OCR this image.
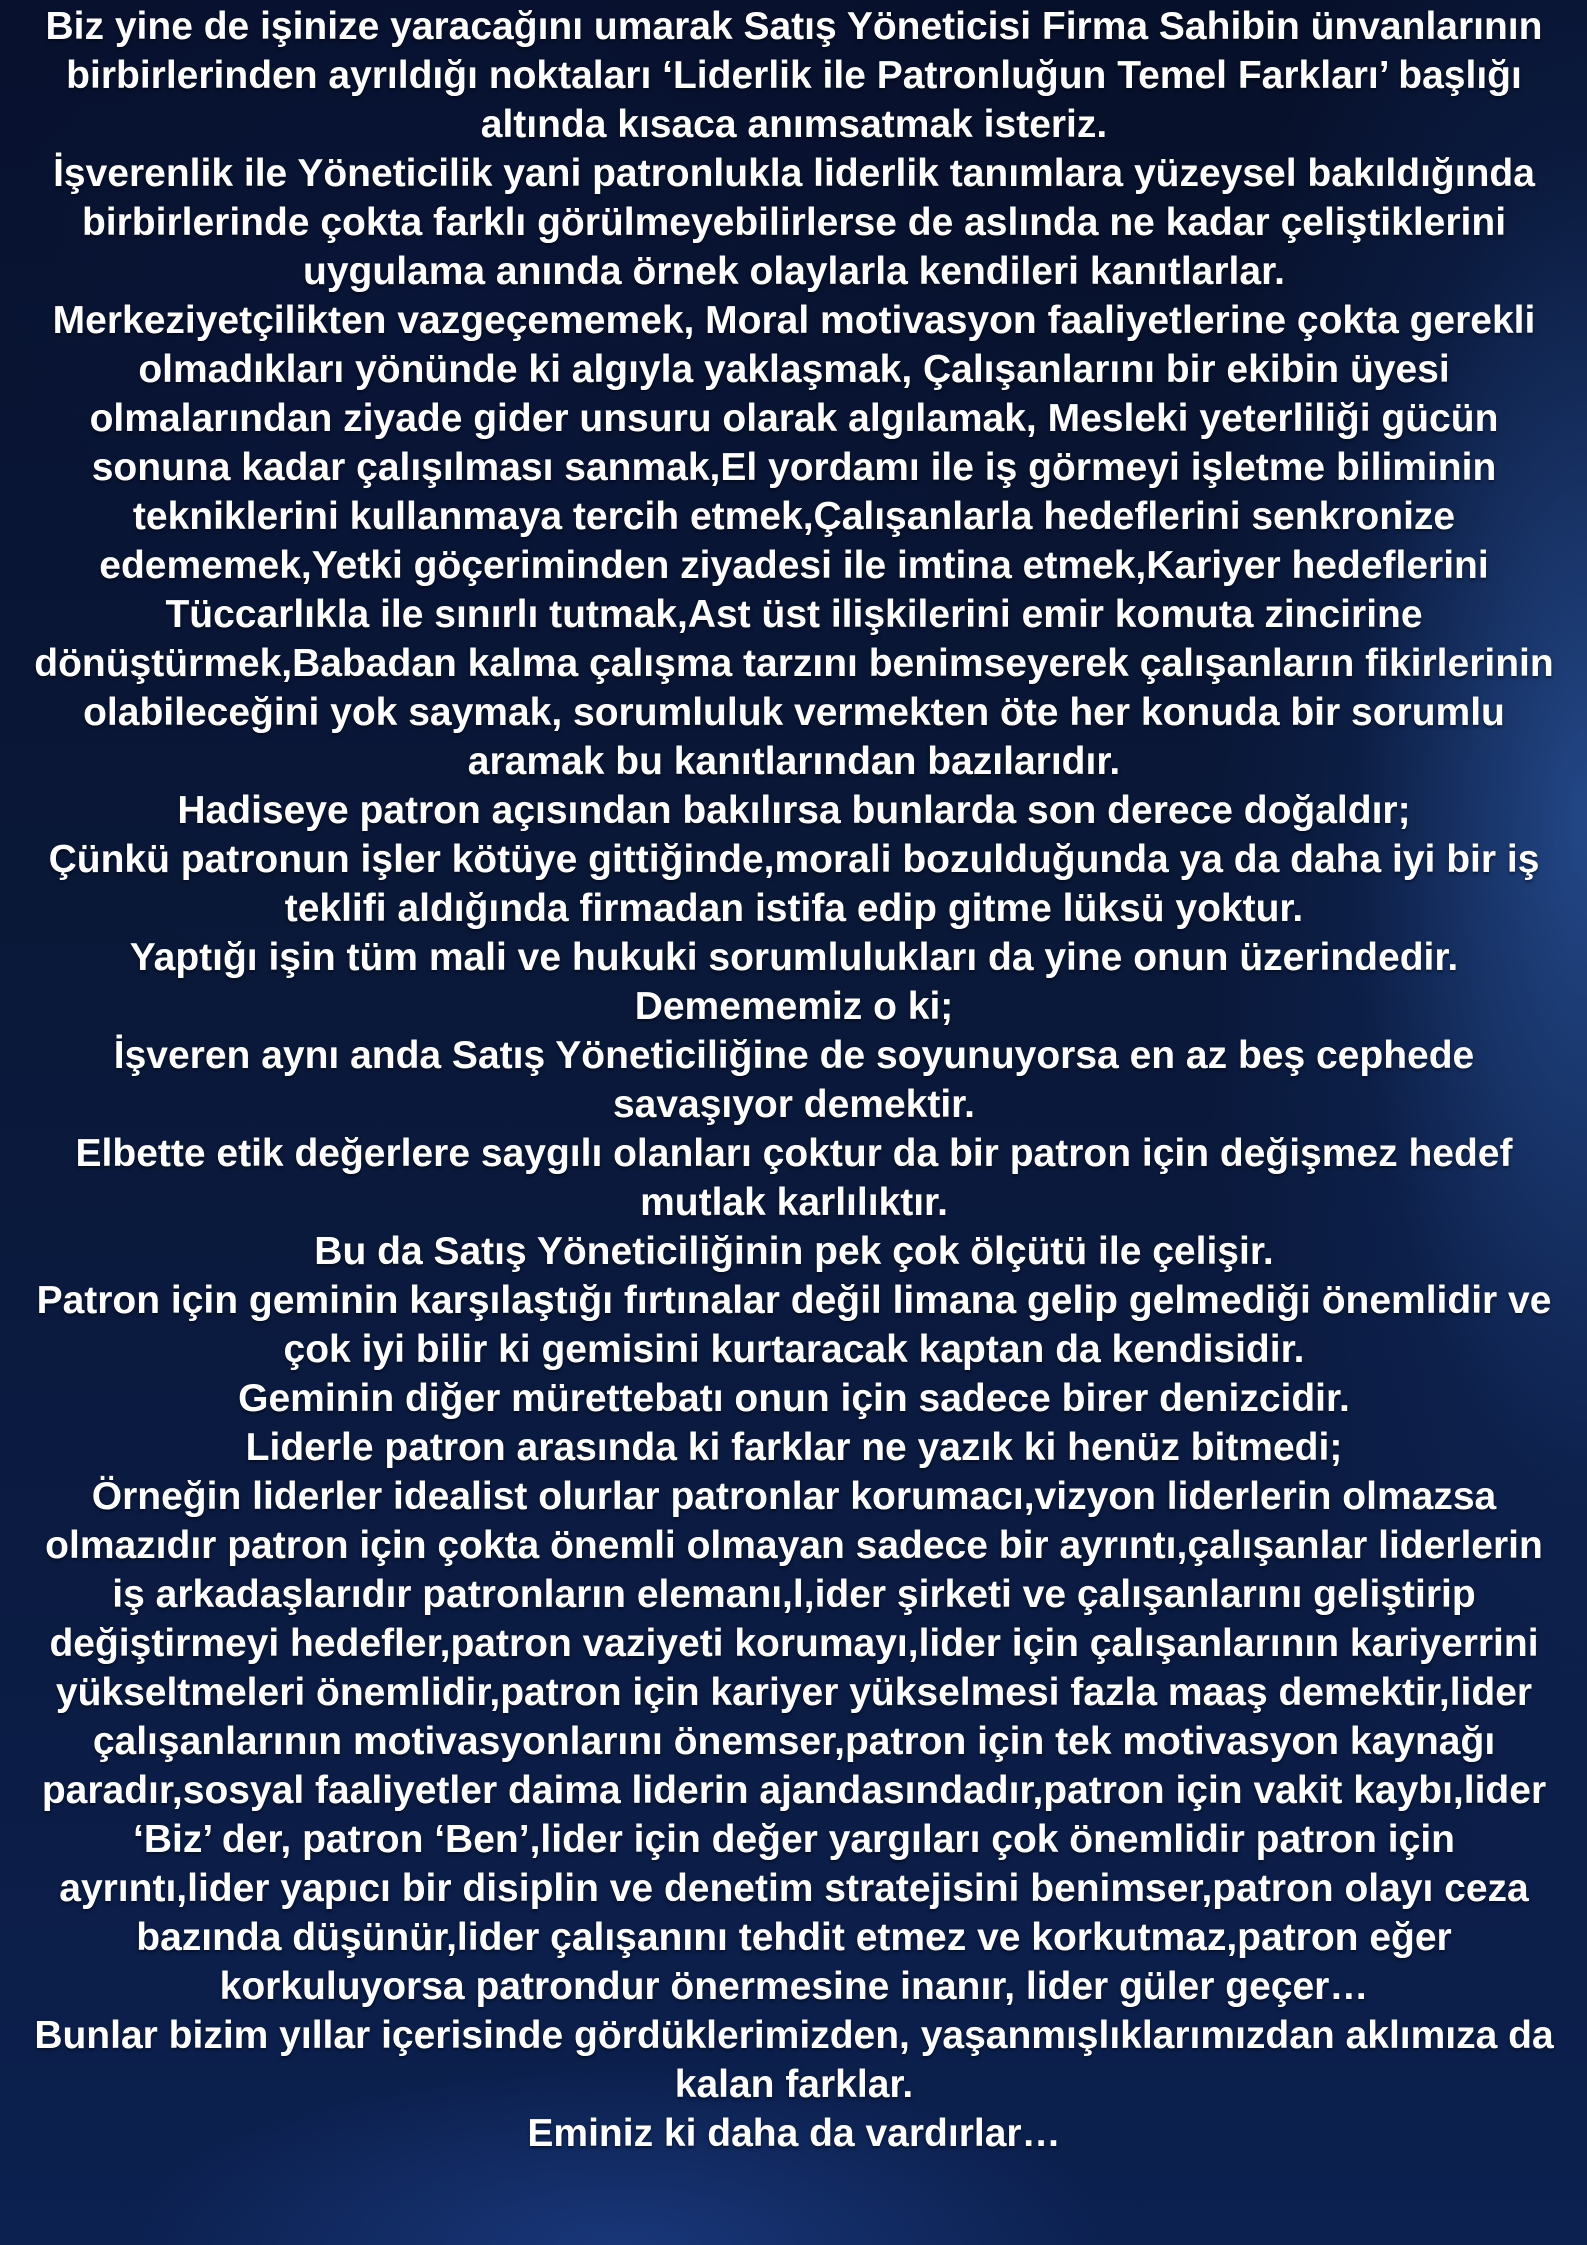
Biz yine de işinize yaracağını umarak Satış Yöneticisi Firma Sahibin ünvanlarının birbirlerinden ayrıldığı noktaları ‘Liderlik ile Patronluğun Temel Farkları’ başlığı altında kısaca anımsatmak isteriz.
İşverenlik ile Yöneticilik yani patronlukla liderlik tanımlara yüzeysel bakıldığında birbirlerinde çokta farklı görülmeyebilirlerse de aslında ne kadar çeliştiklerini uygulama anında örnek olaylarla kendileri kanıtlarlar.
Merkeziyetçilikten vazgeçememek, Moral motivasyon faaliyetlerine çokta gerekli olmadıkları yönünde ki algıyla yaklaşmak, Çalışanlarını bir ekibin üyesi olmalarından ziyade gider unsuru olarak algılamak, Mesleki yeterliliği gücün sonuna kadar çalışılması sanmak,El yordamı ile iş görmeyi işletme biliminin tekniklerini kullanmaya tercih etmek,Çalışanlarla hedeflerini senkronize edememek,Yetki göçeriminden ziyadesi ile imtina etmek,Kariyer hedeflerini Tüccarlıkla ile sınırlı tutmak,Ast üst ilişkilerini emir komuta zincirine dönüştürmek,Babadan kalma çalışma tarzını benimseyerek çalışanların fikirlerinin olabileceğini yok saymak, sorumluluk vermekten öte her konuda bir sorumlu aramak bu kanıtlarından bazılarıdır.
Hadiseye patron açısından bakılırsa bunlarda son derece doğaldır;
Çünkü patronun işler kötüye gittiğinde,morali bozulduğunda ya da daha iyi bir iş teklifi aldığında firmadan istifa edip gitme lüksü yoktur.
Yaptığı işin tüm mali ve hukuki sorumlulukları da yine onun üzerindedir.
Demememiz o ki;
İşveren aynı anda Satış Yöneticiliğine de soyunuyorsa en az beş cephede savaşıyor demektir.
Elbette etik değerlere saygılı olanları çoktur da bir patron için değişmez hedef mutlak karlılıktır.
Bu da Satış Yöneticiliğinin pek çok ölçütü ile çelişir.
Patron için geminin karşılaştığı fırtınalar değil limana gelip gelmediği önemlidir ve çok iyi bilir ki gemisini kurtaracak kaptan da kendisidir.
Geminin diğer mürettebatı onun için sadece birer denizcidir.
Liderle patron arasında ki farklar ne yazık ki henüz bitmedi;
Örneğin liderler idealist olurlar patronlar korumacı,vizyon liderlerin olmazsa olmazıdır patron için çokta önemli olmayan sadece bir ayrıntı,çalışanlar liderlerin iş arkadaşlarıdır patronların elemanı,l,ider şirketi ve çalışanlarını geliştirip değiştirmeyi hedefler,patron vaziyeti korumayı,lider için çalışanlarının kariyerrini yükseltmeleri önemlidir,patron için kariyer yükselmesi fazla maaş demektir,lider çalışanlarının motivasyonlarını önemser,patron için tek motivasyon kaynağı paradır,sosyal faaliyetler daima liderin ajandasındadır,patron için vakit kaybı,lider ‘Biz’ der, patron ‘Ben’,lider için değer yargıları çok önemlidir patron için ayrıntı,lider yapıcı bir disiplin ve denetim stratejisini benimser,patron olayı ceza bazında düşünür,lider çalışanını tehdit etmez ve korkutmaz,patron eğer korkuluyorsa patrondur önermesine inanır, lider güler geçer…
Bunlar bizim yıllar içerisinde gördüklerimizden, yaşanmışlıklarımızdan aklımıza da kalan farklar.
Eminiz ki daha da vardırlar…
